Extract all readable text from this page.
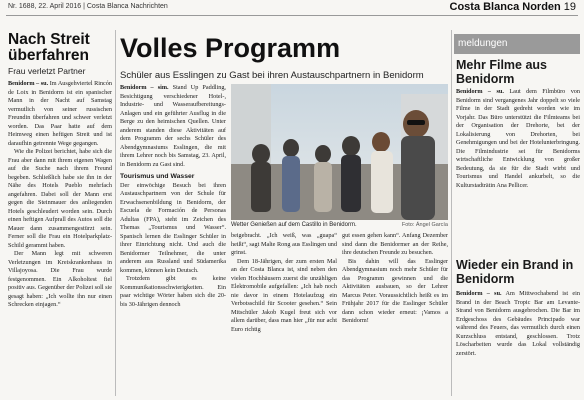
Nr. 1688, 22. April 2016 | Costa Blanca Nachrichten	Costa Blanca Norden 19
Nach Streit überfahren
Frau verletzt Partner

Benidorm – su. Im Ausgehviertel Rincón de Loix in Benidorm ist ein spanischer Mann in der Nacht auf Samstag vermutlich von seiner russischen Freundin überfahren und schwer verletzt worden. Das Paar hatte auf dem Heimweg einen heftigen Streit und ist daraufhin getrennte Wege gegangen.

Wie die Polizei berichtet, habe sich die Frau aber dann mit ihrem eigenen Wagen auf die Suche nach ihrem Freund begeben. Schließlich habe sie ihn in der Nähe des Hotels Pueblo mehrfach angefahren. Dabei soll der Mann erst gegen die Steinmauer des anliegenden Hotels geschleudert worden sein. Durch einen heftigen Aufprall des Autos soll die Mauer dann zusammengestürzt sein. Ferner soll die Frau ein Hotelparkplatz-Schild gerammt haben.

Der Mann legt mit schweren Verletzungen im Kreiskrankenhaus in Villajoyosa. Die Frau wurde festgenommen. Ein Alkoholtest fiel positiv aus. Gegenüber der Polizei soll sie gesagt haben: „Ich wollte ihn nur einen Schrecken einjagen.“

Volles Programm
Schüler aus Esslingen zu Gast bei ihren Austauschpartnern in Benidorm

Benidorm – sim. Stand Up Paddling, Besichtigung verschiedener Hotel-, Industrie- und Wasseraufbereitungs-Anlagen und ein geführter Ausflug in die Berge zu den heimischen Quellen. Unter anderem standen diese Aktivitäten auf dem Programm der sechs Schüler des Abendgymnasiums Esslingen, die mit ihrem Lehrer noch bis Samstag, 23. April, in Benidorm zu Gast sind.

Tourismus und Wasser

Der einwöchige Besuch bei ihren Austauschpartnern von der Schule für Erwachsenenbildung in Benidorm, der Escuela de Formación de Personas Adultas (FPA), steht im Zeichen des Themas „Tourismus und Wasser“. Spanisch lernen die Esslinger Schüler in ihrer Einrichtung nicht. Und auch die Benidormer Teilnehmer, die unter anderem aus Russland und Südamerika kommen, können kein Deutsch.

Trotzdem gibt es keine Kommunikationsschwierigkeiten. Ein paar wichtige Wörter haben sich die 20- bis 30-Jährigen dennoch

Wetter Genießen auf dem Castillo in Benidorm.	Foto: Ángel García

beigebracht. „Ich weiß, was „guapa“ heißt“, sagt Malte Rong aus Esslingen und grinst.

Dem 18-Jährigen, der zum ersten Mal an der Costa Blanca ist, sind neben den vielen Hochhäusern zuerst die unzähligen Elektromobile aufgefallen: „Ich hab noch nie davor in einem Hotelaufzug ein Verbotsschild für Scooter gesehen.“ Sein Mitschüler Jakob Kugel freut sich vor allem darüber, dass man hier „für nur acht Euro richtig

gut essen gehen kann“. Anfang Dezember sind dann die Benidormer an der Reihe, ihre deutschen Freunde zu besuchen.

Bis dahin will das Esslinger Abendgymnasium noch mehr Schüler für das Programm gewinnen und die Aktivitäten ausbauen, so der Lehrer Marcus Peter. Voraussichtlich heißt es im Frühjahr 2017 für die Esslinger Schüler dann schon wieder erneut: ¡Vamos a Benidorm!

meldungen
Mehr Filme aus Benidorm

Benidorm – su. Laut dem Filmbüro von Benidorm sind vergangenes Jahr doppelt so viele Filme in der Stadt gedreht worden wie im Vorjahr. Das Büro unterstützt die Filmteams bei der Organisation der Drehorte, bei der Lokalisierung von Drehorten, bei Genehmigungen und bei der Hotelunterbringung. Die Filmindustrie sei für Benidorms wirtschaftliche Entwicklung von großer Bedeutung, da sie für die Stadt wirbt und Tourismus und Handel ankurbelt, so die Kulturstadträtin Ana Pellicer.

Wieder ein Brand in Benidorm

Benidorm – su. Am Mittwochabend ist ein Brand in der Beach Tropic Bar am Levante-Strand von Benidorm ausgebrochen. Die Bar im Erdgeschoss des Gebäudes Principado war während des Feuers, das vermutlich durch einen Kurzschluss entstand, geschlossen. Trotz Löscharbeiten wurde das Lokal vollständig zerstört.
